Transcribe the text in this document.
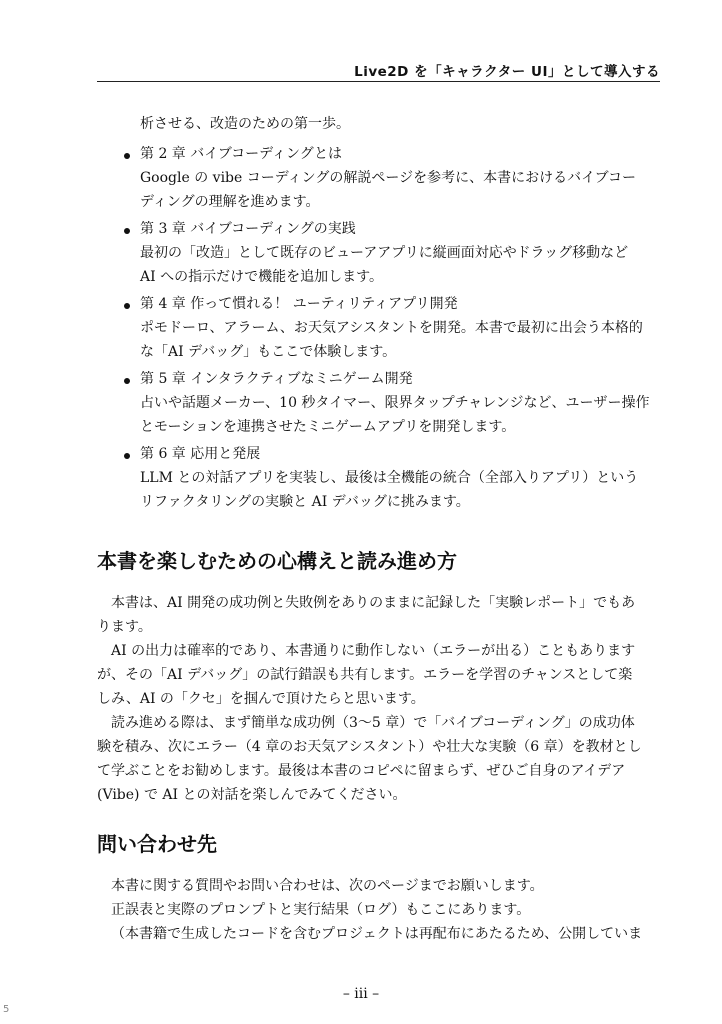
Live2D を「キャラクター UI」として導入する
析させる、改造のための第一歩。
第 2 章 バイブコーディングとは
Google の vibe コーディングの解説ページを参考に、本書におけるバイブコー
ディングの理解を進めます。
第 3 章 バイブコーディングの実践
最初の「改造」として既存のビューアアプリに縦画面対応やドラッグ移動など
AI への指示だけで機能を追加します。
第 4 章 作って慣れる！ ユーティリティアプリ開発
ポモドーロ、アラーム、お天気アシスタントを開発。本書で最初に出会う本格的
な「AI デバッグ」もここで体験します。
第 5 章 インタラクティブなミニゲーム開発
占いや話題メーカー、10 秒タイマー、限界タップチャレンジなど、ユーザー操作
とモーションを連携させたミニゲームアプリを開発します。
第 6 章 応用と発展
LLM との対話アプリを実装し、最後は全機能の統合（全部入りアプリ）という
リファクタリングの実験と AI デバッグに挑みます。
本書を楽しむための心構えと読み進め方
本書は、AI 開発の成功例と失敗例をありのままに記録した「実験レポート」でもあ
ります。
AI の出力は確率的であり、本書通りに動作しない（エラーが出る）こともあります
が、その「AI デバッグ」の試行錯誤も共有します。エラーを学習のチャンスとして楽
しみ、AI の「クセ」を掴んで頂けたらと思います。
読み進める際は、まず簡単な成功例（3〜5 章）で「バイブコーディング」の成功体
験を積み、次にエラー（4 章のお天気アシスタント）や壮大な実験（6 章）を教材とし
て学ぶことをお勧めします。最後は本書のコピペに留まらず、ぜひご自身のアイデア
(Vibe) で AI との対話を楽しんでみてください。
問い合わせ先
本書に関する質問やお問い合わせは、次のページまでお願いします。
正誤表と実際のプロンプトと実行結果（ログ）もここにあります。
（本書籍で生成したコードを含むプロジェクトは再配布にあたるため、公開していま
– iii –
5
